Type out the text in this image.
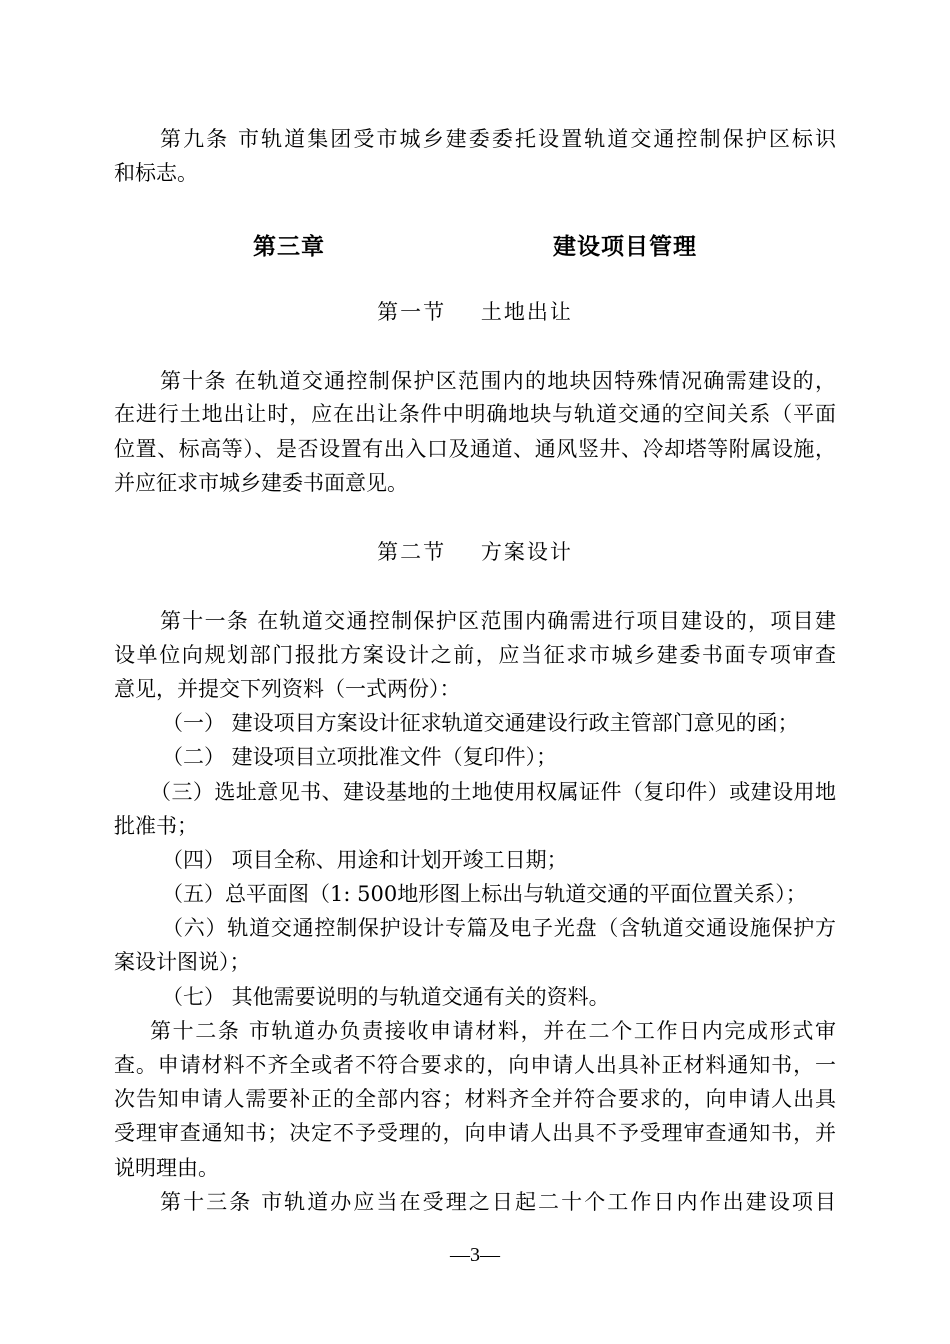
第九条 市轨道集团受市城乡建委委托设置轨道交通控制保护区标识
和标志。
第三章    建设项目管理
第一节    土地出让
第十条 在轨道交通控制保护区范围内的地块因特殊情况确需建设的，
在进行土地出让时，应在出让条件中明确地块与轨道交通的空间关系（平面
位置、标高等）、是否设置有出入口及通道、通风竖井、冷却塔等附属设施，
并应征求市城乡建委书面意见。
第二节    方案设计
第十一条 在轨道交通控制保护区范围内确需进行项目建设的，项目建
设单位向规划部门报批方案设计之前，应当征求市城乡建委书面专项审查
意见，并提交下列资料（一式两份）：
（一） 建设项目方案设计征求轨道交通建设行政主管部门意见的函；
（二） 建设项目立项批准文件（复印件）；
（三）选址意见书、建设基地的土地使用权属证件（复印件）或建设用地
批准书；
（四） 项目全称、用途和计划开竣工日期；
（五）总平面图（1: 500地形图上标出与轨道交通的平面位置关系）；
（六）轨道交通控制保护设计专篇及电子光盘（含轨道交通设施保护方
案设计图说）；
（七） 其他需要说明的与轨道交通有关的资料。
第十二条 市轨道办负责接收申请材料，并在二个工作日内完成形式审
查。申请材料不齐全或者不符合要求的，向申请人出具补正材料通知书，一
次告知申请人需要补正的全部内容；材料齐全并符合要求的，向申请人出具
受理审查通知书；决定不予受理的，向申请人出具不予受理审查通知书，并
说明理由。
第十三条 市轨道办应当在受理之日起二十个工作日内作出建设项目
—3—
